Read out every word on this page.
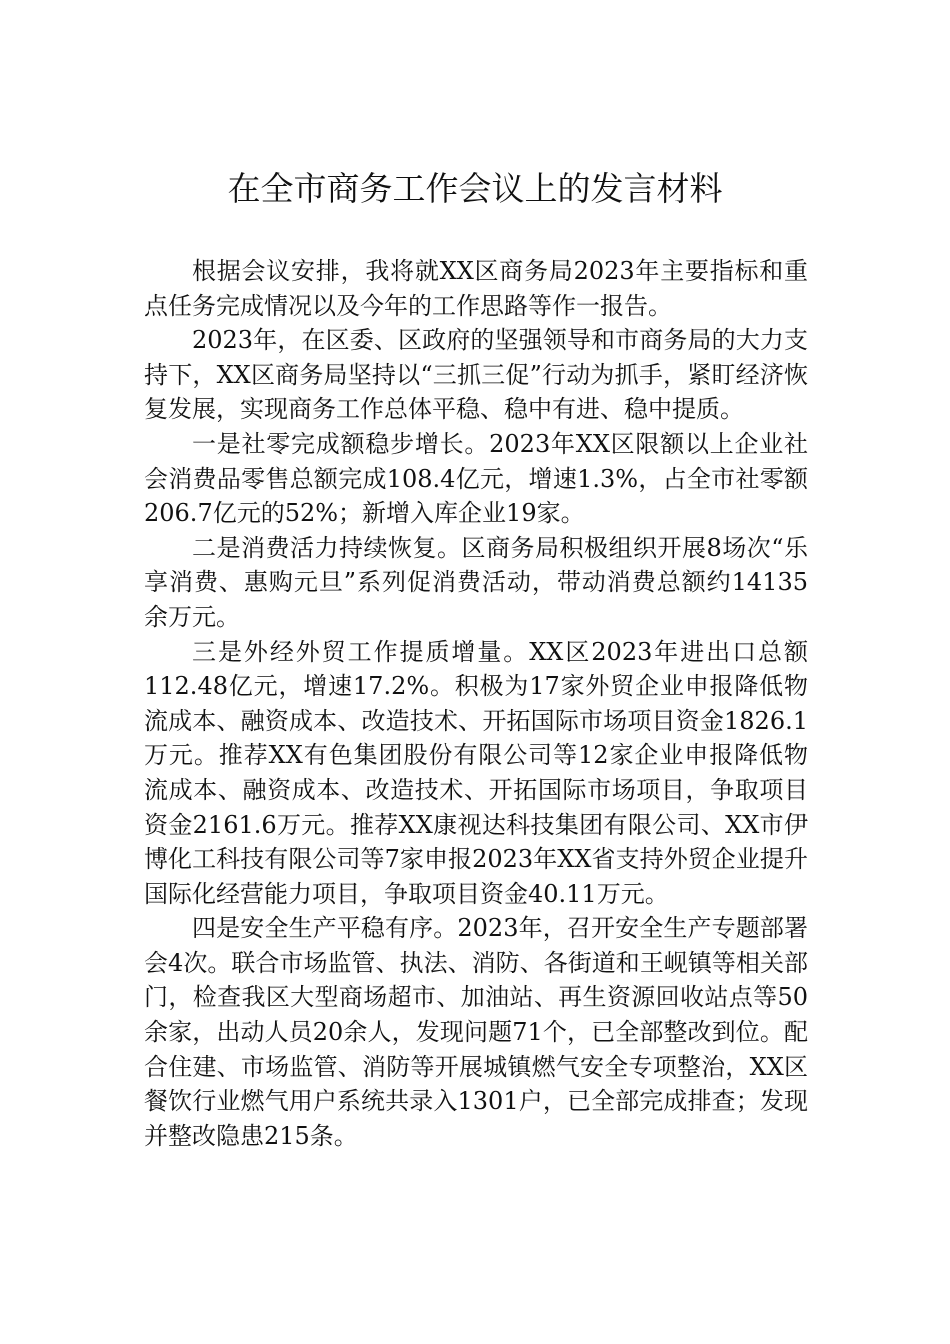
在全市商务工作会议上的发言材料

根据会议安排，我将就XX区商务局2023年主要指标和重点任务完成情况以及今年的工作思路等作一报告。

2023年，在区委、区政府的坚强领导和市商务局的大力支持下，XX区商务局坚持以“三抓三促”行动为抓手，紧盯经济恢复发展，实现商务工作总体平稳、稳中有进、稳中提质。

一是社零完成额稳步增长。2023年XX区限额以上企业社会消费品零售总额完成108.4亿元，增速1.3%，占全市社零额206.7亿元的52%；新增入库企业19家。

二是消费活力持续恢复。区商务局积极组织开展8场次“乐享消费、惠购元旦”系列促消费活动，带动消费总额约14135余万元。

三是外经外贸工作提质增量。XX区2023年进出口总额112.48亿元，增速17.2%。积极为17家外贸企业申报降低物流成本、融资成本、改造技术、开拓国际市场项目资金1826.1万元。推荐XX有色集团股份有限公司等12家企业申报降低物流成本、融资成本、改造技术、开拓国际市场项目，争取项目资金2161.6万元。推荐XX康视达科技集团有限公司、XX市伊博化工科技有限公司等7家申报2023年XX省支持外贸企业提升国际化经营能力项目，争取项目资金40.11万元。

四是安全生产平稳有序。2023年，召开安全生产专题部署会4次。联合市场监管、执法、消防、各街道和王岘镇等相关部门，检查我区大型商场超市、加油站、再生资源回收站点等50余家，出动人员20余人，发现问题71个，已全部整改到位。配合住建、市场监管、消防等开展城镇燃气安全专项整治，XX区餐饮行业燃气用户系统共录入1301户，已全部完成排查；发现并整改隐患215条。
